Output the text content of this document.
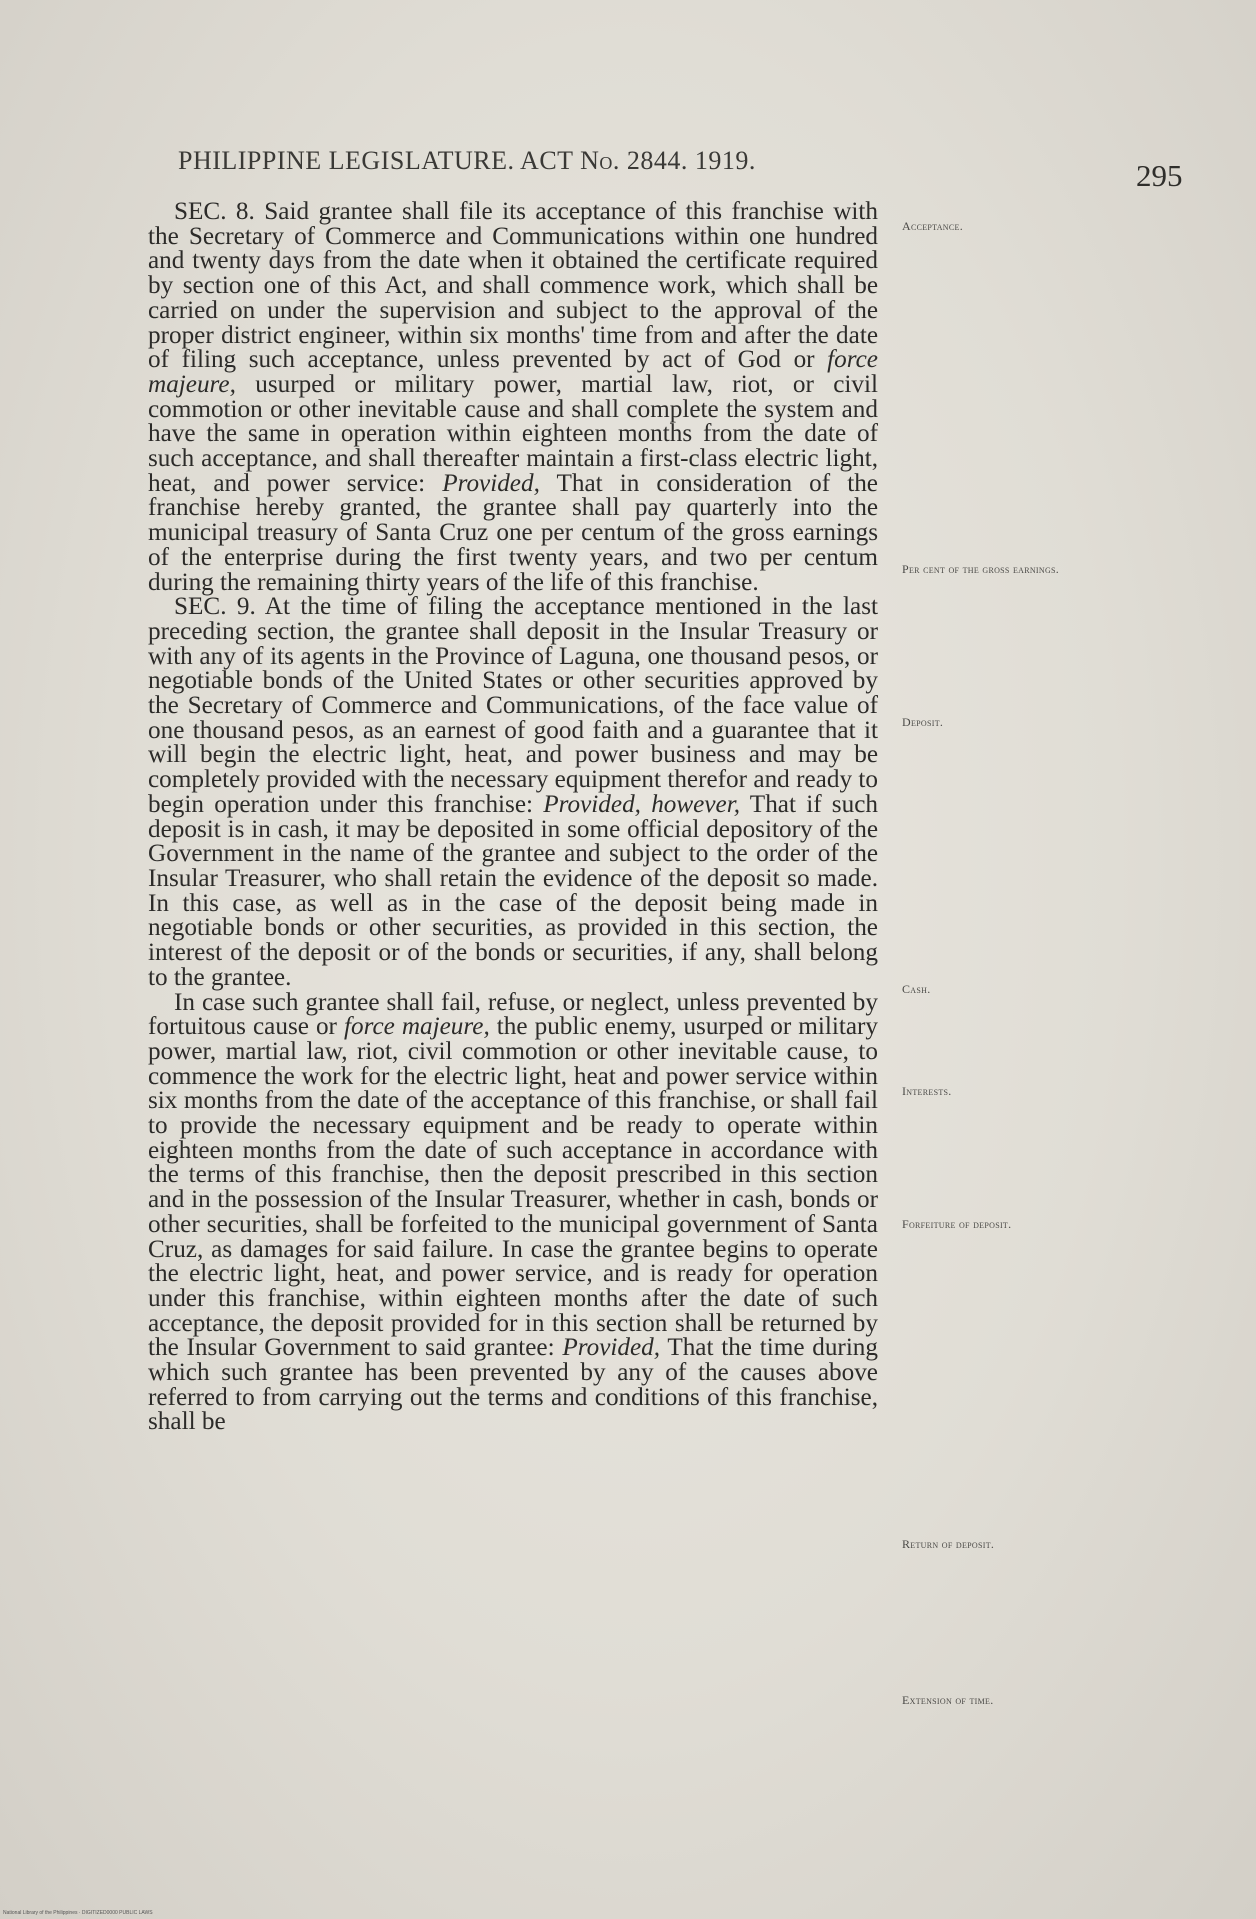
PHILIPPINE LEGISLATURE. ACT No. 2844. 1919.	295

SEC. 8. Said grantee shall file its acceptance of this franchise with the Secretary of Commerce and Communications within one hundred and twenty days from the date when it obtained the certificate required by section one of this Act, and shall commence work, which shall be carried on under the supervision and subject to the approval of the proper district engineer, within six months' time from and after the date of filing such acceptance, unless prevented by act of God or force majeure, usurped or military power, martial law, riot, or civil commotion or other inevitable cause and shall complete the system and have the same in operation within eighteen months from the date of such acceptance, and shall thereafter maintain a first-class electric light, heat, and power service: Provided, That in consideration of the franchise hereby granted, the grantee shall pay quarterly into the municipal treasury of Santa Cruz one per centum of the gross earnings of the enterprise during the first twenty years, and two per centum during the remaining thirty years of the life of this franchise.

SEC. 9. At the time of filing the acceptance mentioned in the last preceding section, the grantee shall deposit in the Insular Treasury or with any of its agents in the Province of Laguna, one thousand pesos, or negotiable bonds of the United States or other securities approved by the Secretary of Commerce and Communications, of the face value of one thousand pesos, as an earnest of good faith and a guarantee that it will begin the electric light, heat, and power business and may be completely provided with the necessary equipment therefor and ready to begin operation under this franchise: Provided, however, That if such deposit is in cash, it may be deposited in some official depository of the Government in the name of the grantee and subject to the order of the Insular Treasurer, who shall retain the evidence of the deposit so made. In this case, as well as in the case of the deposit being made in negotiable bonds or other securities, as provided in this section, the interest of the deposit or of the bonds or securities, if any, shall belong to the grantee.

In case such grantee shall fail, refuse, or neglect, unless prevented by fortuitous cause or force majeure, the public enemy, usurped or military power, martial law, riot, civil commotion or other inevitable cause, to commence the work for the electric light, heat and power service within six months from the date of the acceptance of this franchise, or shall fail to provide the necessary equipment and be ready to operate within eighteen months from the date of such acceptance in accordance with the terms of this franchise, then the deposit prescribed in this section and in the possession of the Insular Treasurer, whether in cash, bonds or other securities, shall be forfeited to the municipal government of Santa Cruz, as damages for said failure. In case the grantee begins to operate the electric light, heat, and power service, and is ready for operation under this franchise, within eighteen months after the date of such acceptance, the deposit provided for in this section shall be returned by the Insular Government to said grantee: Provided, That the time during which such grantee has been prevented by any of the causes above referred to from carrying out the terms and conditions of this franchise, shall be

Acceptance.
Per cent of the gross earnings.
Deposit.
Cash.
Interests.
Forfeiture of deposit.
Return of deposit.
Extension of time.
National Library of the Philippines · DIGITIZED0000 PUBLIC LAWS
